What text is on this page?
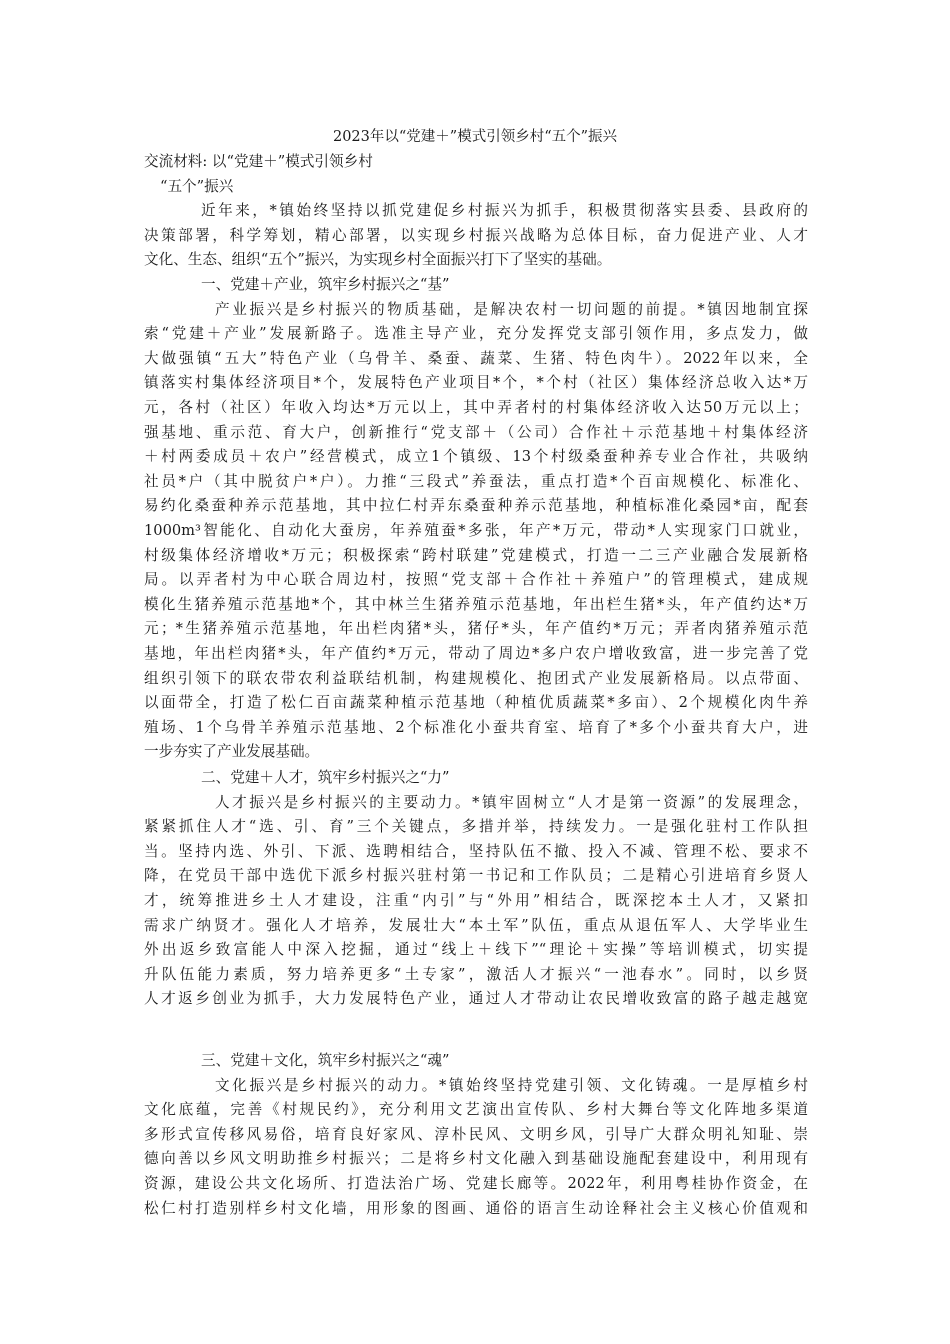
2023年以“党建＋”模式引领乡村“五个”振兴
交流材料: 以“党建＋”模式引领乡村
“五个”振兴
近年来，*镇始终坚持以抓党建促乡村振兴为抓手，积极贯彻落实县委、县政府的
决策部署，科学筹划，精心部署，以实现乡村振兴战略为总体目标，奋力促进产业、人才
文化、生态、组织“五个”振兴，为实现乡村全面振兴打下了坚实的基础。
一、党建＋产业，筑牢乡村振兴之“基”
产业振兴是乡村振兴的物质基础，是解决农村一切问题的前提。*镇因地制宜探
索“党建＋产业”发展新路子。选准主导产业，充分发挥党支部引领作用，多点发力，做
大做强镇“五大”特色产业（乌骨羊、桑蚕、蔬菜、生猪、特色肉牛）。2022年以来，全
镇落实村集体经济项目*个，发展特色产业项目*个，*个村（社区）集体经济总收入达*万
元，各村（社区）年收入均达*万元以上，其中弄者村的村集体经济收入达50万元以上；
强基地、重示范、育大户，创新推行“党支部＋（公司）合作社＋示范基地＋村集体经济
＋村两委成员＋农户”经营模式，成立1个镇级、13个村级桑蚕种养专业合作社，共吸纳
社员*户（其中脱贫户*户）。力推“三段式”养蚕法，重点打造*个百亩规模化、标准化、
易约化桑蚕种养示范基地，其中拉仁村弄东桑蚕种养示范基地，种植标准化桑园*亩，配套
1000m³智能化、自动化大蚕房，年养殖蚕*多张，年产*万元，带动*人实现家门口就业，
村级集体经济增收*万元；积极探索“跨村联建”党建模式，打造一二三产业融合发展新格
局。以弄者村为中心联合周边村，按照“党支部＋合作社＋养殖户”的管理模式，建成规
模化生猪养殖示范基地*个，其中林兰生猪养殖示范基地，年出栏生猪*头，年产值约达*万
元；*生猪养殖示范基地，年出栏肉猪*头，猪仔*头，年产值约*万元；弄者肉猪养殖示范
基地，年出栏肉猪*头，年产值约*万元，带动了周边*多户农户增收致富，进一步完善了党
组织引领下的联农带农利益联结机制，构建规模化、抱团式产业发展新格局。以点带面、
以面带全，打造了松仁百亩蔬菜种植示范基地（种植优质蔬菜*多亩）、2个规模化肉牛养
殖场、1个乌骨羊养殖示范基地、2个标准化小蚕共育室、培育了*多个小蚕共育大户，进
一步夯实了产业发展基础。
二、党建＋人才，筑牢乡村振兴之“力”
人才振兴是乡村振兴的主要动力。*镇牢固树立“人才是第一资源”的发展理念，
紧紧抓住人才“选、引、育”三个关键点，多措并举，持续发力。一是强化驻村工作队担
当。坚持内选、外引、下派、选聘相结合，坚持队伍不撤、投入不减、管理不松、要求不
降，在党员干部中选优下派乡村振兴驻村第一书记和工作队员；二是精心引进培育乡贤人
才，统筹推进乡土人才建设，注重“内引”与“外用”相结合，既深挖本土人才，又紧扣
需求广纳贤才。强化人才培养，发展壮大“本土军”队伍，重点从退伍军人、大学毕业生
外出返乡致富能人中深入挖掘，通过“线上＋线下”“理论＋实操”等培训模式，切实提
升队伍能力素质，努力培养更多“土专家”，激活人才振兴“一池春水”。同时，以乡贤
人才返乡创业为抓手，大力发展特色产业，通过人才带动让农民增收致富的路子越走越宽
三、党建＋文化，筑牢乡村振兴之“魂”
文化振兴是乡村振兴的动力。*镇始终坚持党建引领、文化铸魂。一是厚植乡村
文化底蕴，完善《村规民约》，充分利用文艺演出宣传队、乡村大舞台等文化阵地多渠道
多形式宣传移风易俗，培育良好家风、淳朴民风、文明乡风，引导广大群众明礼知耻、崇
德向善以乡风文明助推乡村振兴；二是将乡村文化融入到基础设施配套建设中，利用现有
资源，建设公共文化场所、打造法治广场、党建长廊等。2022年，利用粤桂协作资金，在
松仁村打造别样乡村文化墙，用形象的图画、通俗的语言生动诠释社会主义核心价值观和
